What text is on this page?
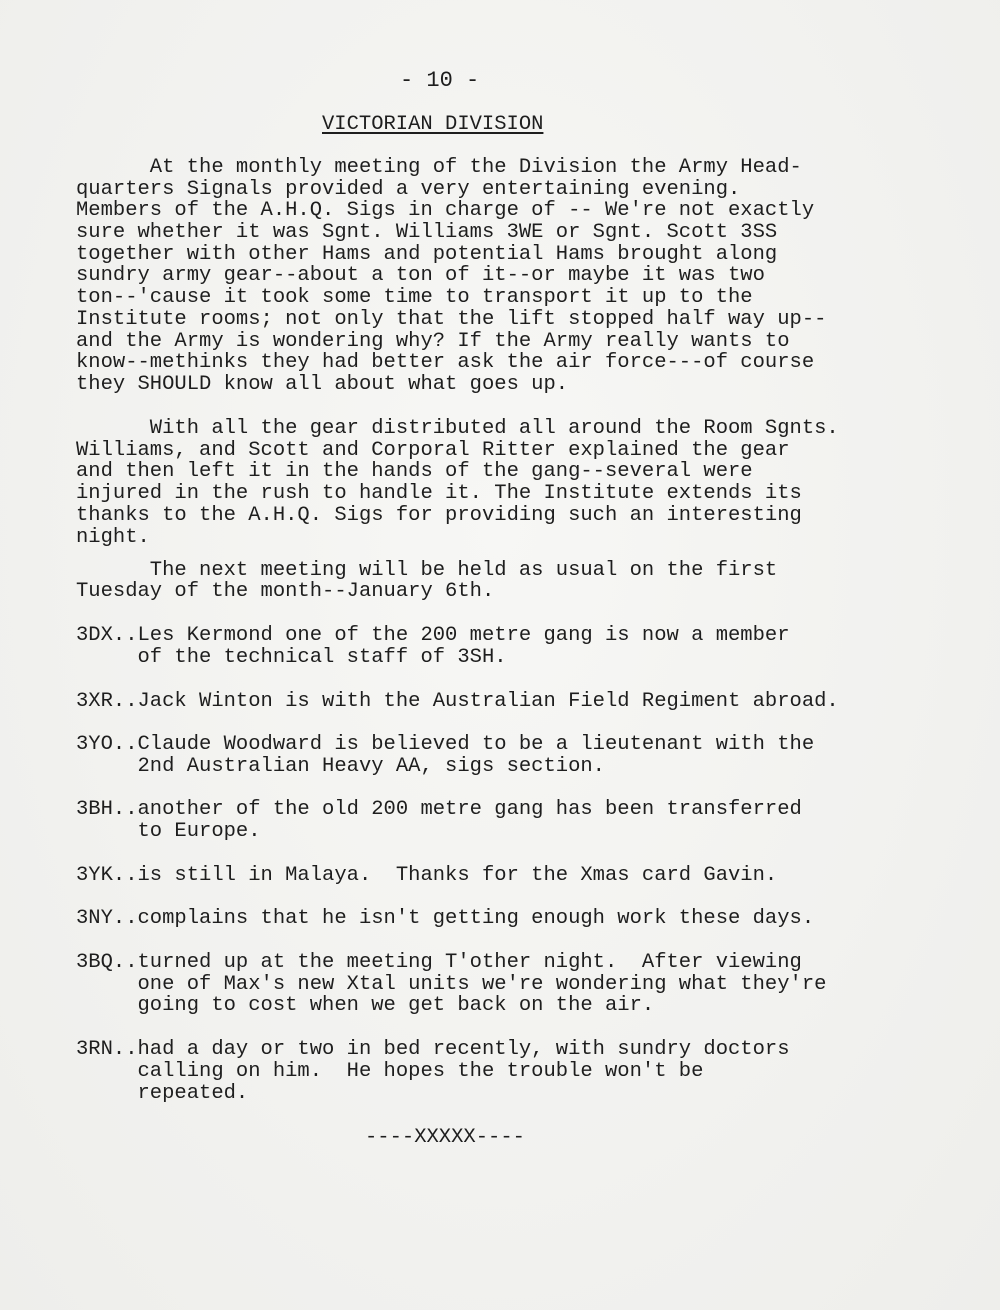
- 10 -
VICTORIAN DIVISION
At the monthly meeting of the Division the Army Head-
quarters Signals provided a very entertaining evening.
Members of the A.H.Q. Sigs in charge of -- We're not exactly
sure whether it was Sgnt. Williams 3WE or Sgnt. Scott 3SS
together with other Hams and potential Hams brought along
sundry army gear--about a ton of it--or maybe it was two
ton--'cause it took some time to transport it up to the
Institute rooms; not only that the lift stopped half way up--
and the Army is wondering why? If the Army really wants to
know--methinks they had better ask the air force---of course
they SHOULD know all about what goes up.
With all the gear distributed all around the Room Sgnts.
Williams, and Scott and Corporal Ritter explained the gear
and then left it in the hands of the gang--several were
injured in the rush to handle it. The Institute extends its
thanks to the A.H.Q. Sigs for providing such an interesting
night.
The next meeting will be held as usual on the first
Tuesday of the month--January 6th.
3DX..Les Kermond one of the 200 metre gang is now a member
of the technical staff of 3SH.
3XR..Jack Winton is with the Australian Field Regiment abroad.
3YO..Claude Woodward is believed to be a lieutenant with the
2nd Australian Heavy AA, sigs section.
3BH..another of the old 200 metre gang has been transferred
to Europe.
3YK..is still in Malaya.  Thanks for the Xmas card Gavin.
3NY..complains that he isn't getting enough work these days.
3BQ..turned up at the meeting T'other night.  After viewing
one of Max's new Xtal units we're wondering what they're
going to cost when we get back on the air.
3RN..had a day or two in bed recently, with sundry doctors
calling on him.  He hopes the trouble won't be
repeated.
----XXXXX----
